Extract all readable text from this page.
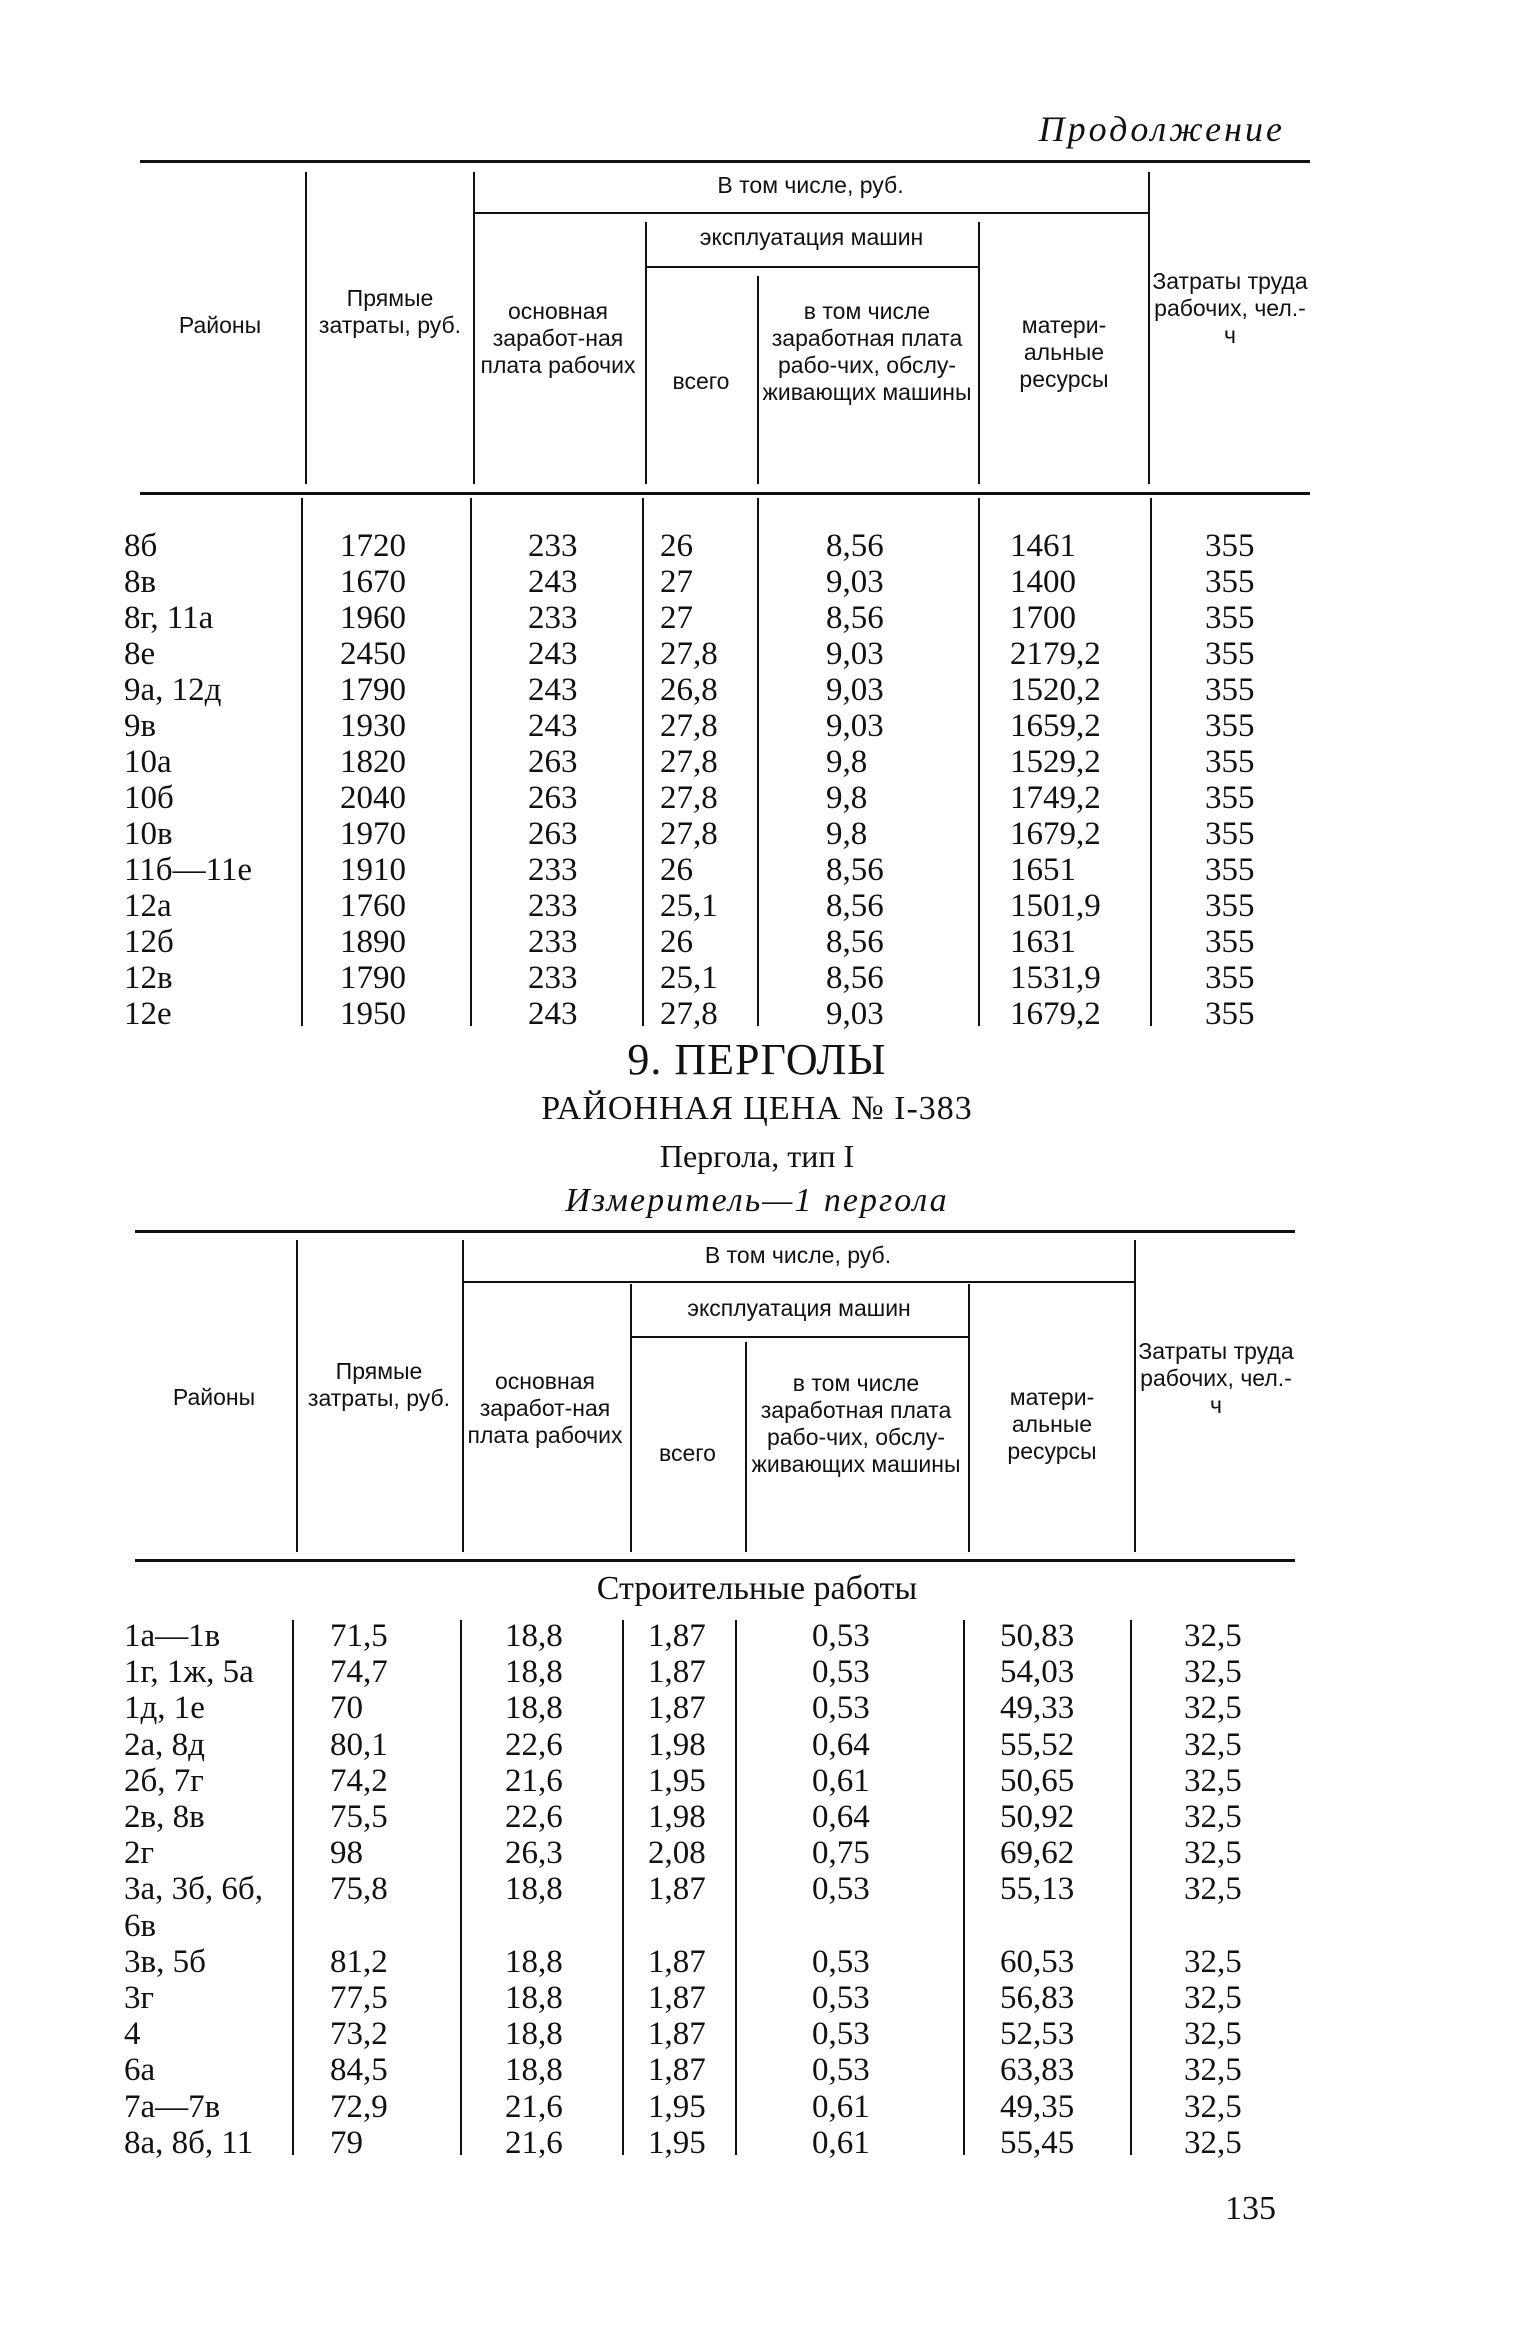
Продолжение
Районы
Прямые затраты, руб.
В том числе, руб.
основная заработ-ная плата рабочих
эксплуатация машин
всего
в том числе заработная плата рабо-чих, обслу-живающих машины
матери-альные ресурсы
Затраты труда рабочих, чел.-ч
8б	1720	233	26	8,56	1461	355
8в	1670	243	27	9,03	1400	355
8г, 11а	1960	233	27	8,56	1700	355
8е	2450	243	27,8	9,03	2179,2	355
9а, 12д	1790	243	26,8	9,03	1520,2	355
9в	1930	243	27,8	9,03	1659,2	355
10а	1820	263	27,8	9,8	1529,2	355
10б	2040	263	27,8	9,8	1749,2	355
10в	1970	263	27,8	9,8	1679,2	355
11б—11е	1910	233	26	8,56	1651	355
12а	1760	233	25,1	8,56	1501,9	355
12б	1890	233	26	8,56	1631	355
12в	1790	233	25,1	8,56	1531,9	355
12е	1950	243	27,8	9,03	1679,2	355
9. ПЕРГОЛЫ
РАЙОННАЯ ЦЕНА № I-383
Пергола, тип I
Измеритель—1 пергола
Районы
Прямые затраты, руб.
В том числе, руб.
основная заработ-ная плата рабочих
эксплуатация машин
всего
в том числе заработная плата рабо-чих, обслу-живающих машины
матери-альные ресурсы
Затраты труда рабочих, чел.-ч
Строительные работы
1а—1в	71,5	18,8	1,87	0,53	50,83	32,5
1г, 1ж, 5а 74,7	18,8	1,87	0,53	54,03	32,5
1д, 1е	70	18,8	1,87	0,53	49,33	32,5
2а, 8д	80,1	22,6	1,98	0,64	55,52	32,5
2б, 7г	74,2	21,6	1,95	0,61	50,65	32,5
2в, 8в	75,5	22,6	1,98	0,64	50,92	32,5
2г	98	26,3	2,08	0,75	69,62	32,5
3а, 3б, 6б, 75,8	18,8	1,87	0,53	55,13	32,5
6в
3в, 5б	81,2	18,8	1,87	0,53	60,53	32,5
3г	77,5	18,8	1,87	0,53	56,83	32,5
4	73,2	18,8	1,87	0,53	52,53	32,5
6а	84,5	18,8	1,87	0,53	63,83	32,5
7а—7в	72,9	21,6	1,95	0,61	49,35	32,5
8а, 8б, 11 79	21,6	1,95	0,61	55,45	32,5
135
